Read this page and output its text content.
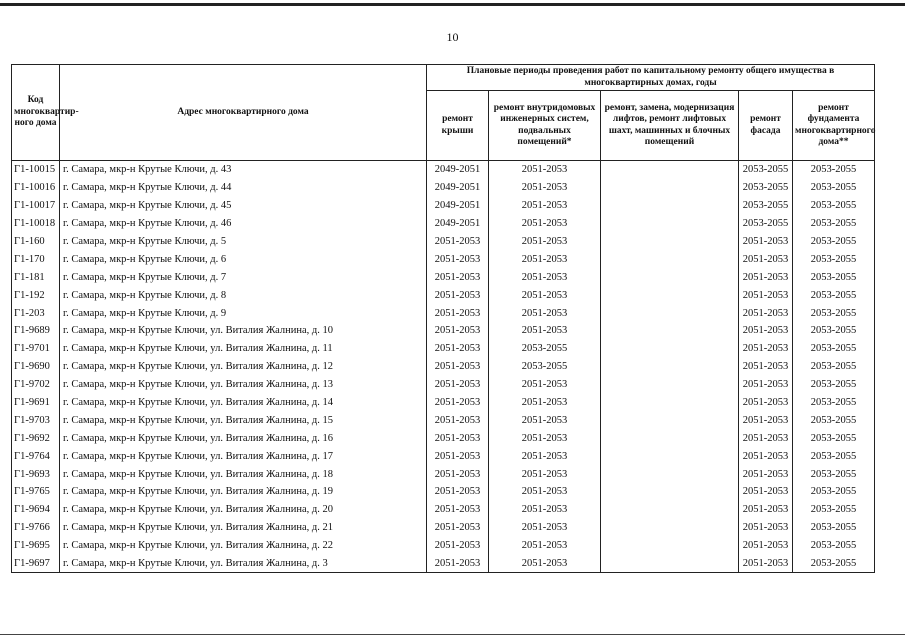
10
Код многоквартир-ного дома	Адрес многоквартирного дома	Плановые периоды проведения работ по капитальному ремонту общего имущества в многоквартирных домах, годы				
		ремонт крыши	ремонт внутридомовых инженерных систем, подвальных помещений*	ремонт, замена, модернизация лифтов, ремонт лифтовых шахт, машинных и блочных помещений	ремонт фасада	ремонт фундамента многоквартирного дома**
Г1-10015	г. Самара, мкр-н Крутые Ключи, д. 43	2049-2051	2051-2053		2053-2055	2053-2055
Г1-10016	г. Самара, мкр-н Крутые Ключи, д. 44	2049-2051	2051-2053		2053-2055	2053-2055
Г1-10017	г. Самара, мкр-н Крутые Ключи, д. 45	2049-2051	2051-2053		2053-2055	2053-2055
Г1-10018	г. Самара, мкр-н Крутые Ключи, д. 46	2049-2051	2051-2053		2053-2055	2053-2055
Г1-160	г. Самара, мкр-н Крутые Ключи, д. 5	2051-2053	2051-2053		2051-2053	2053-2055
Г1-170	г. Самара, мкр-н Крутые Ключи, д. 6	2051-2053	2051-2053		2051-2053	2053-2055
Г1-181	г. Самара, мкр-н Крутые Ключи, д. 7	2051-2053	2051-2053		2051-2053	2053-2055
Г1-192	г. Самара, мкр-н Крутые Ключи, д. 8	2051-2053	2051-2053		2051-2053	2053-2055
Г1-203	г. Самара, мкр-н Крутые Ключи, д. 9	2051-2053	2051-2053		2051-2053	2053-2055
Г1-9689	г. Самара, мкр-н Крутые Ключи, ул. Виталия Жалнина, д. 10	2051-2053	2051-2053		2051-2053	2053-2055
Г1-9701	г. Самара, мкр-н Крутые Ключи, ул. Виталия Жалнина, д. 11	2051-2053	2053-2055		2051-2053	2053-2055
Г1-9690	г. Самара, мкр-н Крутые Ключи, ул. Виталия Жалнина, д. 12	2051-2053	2053-2055		2051-2053	2053-2055
Г1-9702	г. Самара, мкр-н Крутые Ключи, ул. Виталия Жалнина, д. 13	2051-2053	2051-2053		2051-2053	2053-2055
Г1-9691	г. Самара, мкр-н Крутые Ключи, ул. Виталия Жалнина, д. 14	2051-2053	2051-2053		2051-2053	2053-2055
Г1-9703	г. Самара, мкр-н Крутые Ключи, ул. Виталия Жалнина, д. 15	2051-2053	2051-2053		2051-2053	2053-2055
Г1-9692	г. Самара, мкр-н Крутые Ключи, ул. Виталия Жалнина, д. 16	2051-2053	2051-2053		2051-2053	2053-2055
Г1-9764	г. Самара, мкр-н Крутые Ключи, ул. Виталия Жалнина, д. 17	2051-2053	2051-2053		2051-2053	2053-2055
Г1-9693	г. Самара, мкр-н Крутые Ключи, ул. Виталия Жалнина, д. 18	2051-2053	2051-2053		2051-2053	2053-2055
Г1-9765	г. Самара, мкр-н Крутые Ключи, ул. Виталия Жалнина, д. 19	2051-2053	2051-2053		2051-2053	2053-2055
Г1-9694	г. Самара, мкр-н Крутые Ключи, ул. Виталия Жалнина, д. 20	2051-2053	2051-2053		2051-2053	2053-2055
Г1-9766	г. Самара, мкр-н Крутые Ключи, ул. Виталия Жалнина, д. 21	2051-2053	2051-2053		2051-2053	2053-2055
Г1-9695	г. Самара, мкр-н Крутые Ключи, ул. Виталия Жалнина, д. 22	2051-2053	2051-2053		2051-2053	2053-2055
Г1-9697	г. Самара, мкр-н Крутые Ключи, ул. Виталия Жалнина, д. 3	2051-2053	2051-2053		2051-2053	2053-2055
